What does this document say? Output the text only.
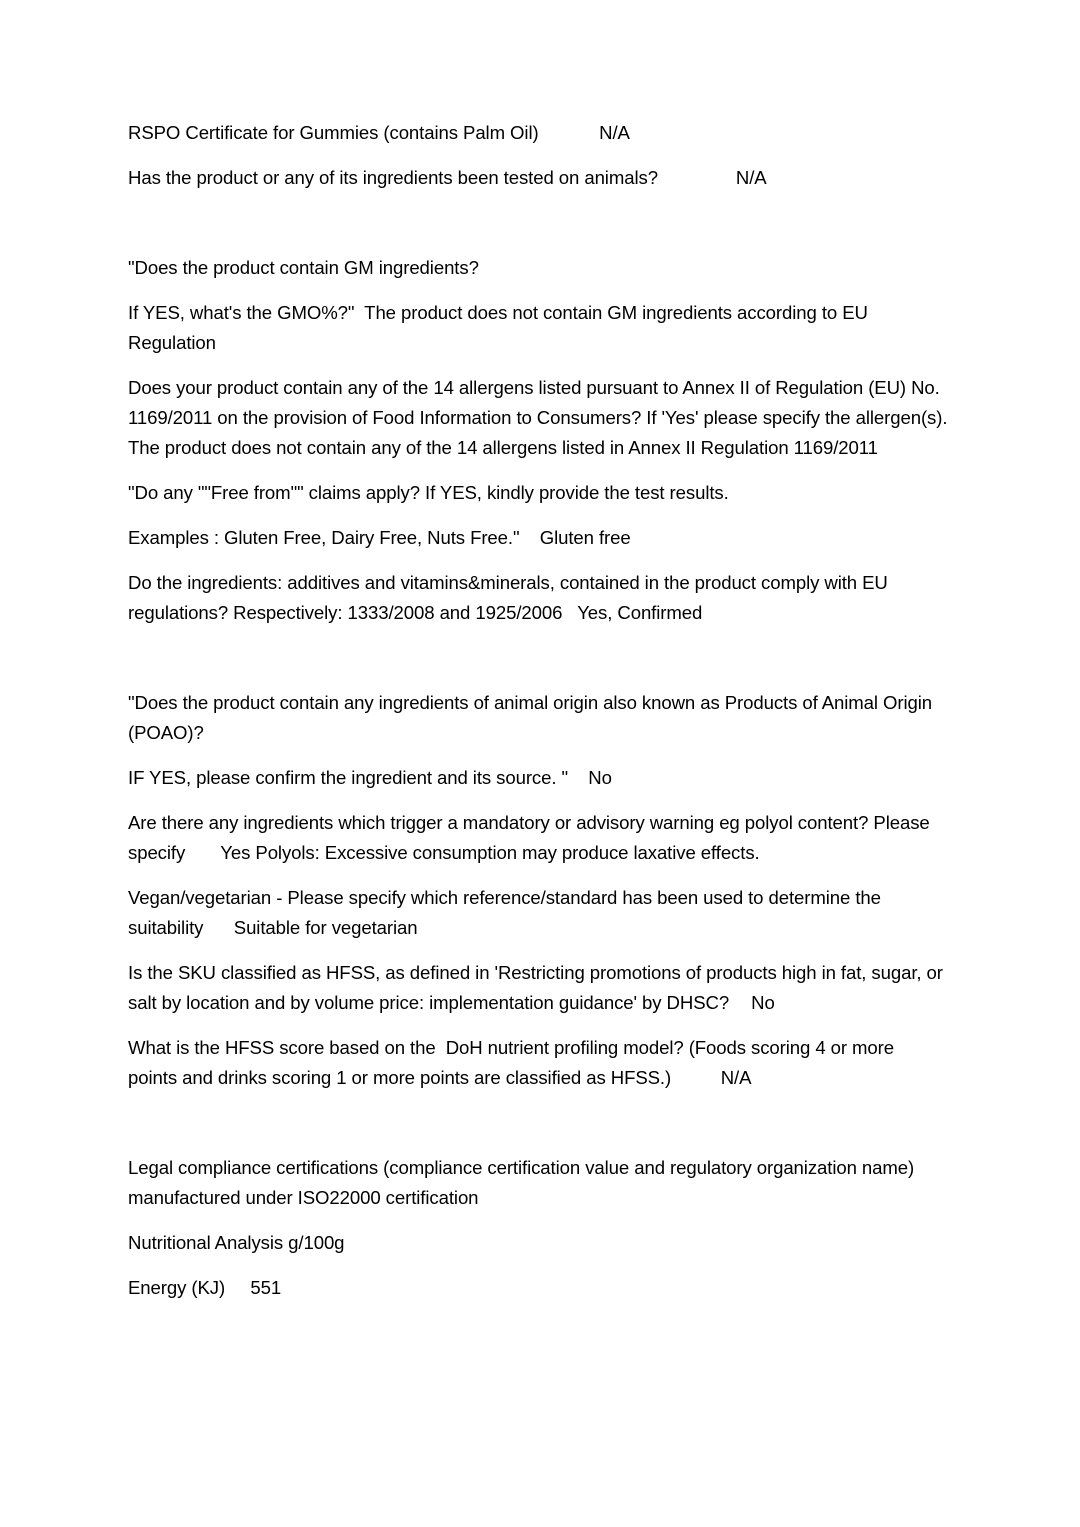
RSPO Certificate for Gummies (contains Palm Oil)	N/A

Has the product or any of its ingredients been tested on animals?	N/A

"Does the product contain GM ingredients?

If YES, what's the GMO%?"  The product does not contain GM ingredients according to EU Regulation

Does your product contain any of the 14 allergens listed pursuant to Annex II of Regulation (EU) No. 1169/2011 on the provision of Food Information to Consumers? If 'Yes' please specify the allergen(s). The product does not contain any of the 14 allergens listed in Annex II Regulation 1169/2011

"Do any ""Free from"" claims apply? If YES, kindly provide the test results.

Examples : Gluten Free, Dairy Free, Nuts Free."    Gluten free

Do the ingredients: additives and vitamins&minerals, contained in the product comply with EU regulations? Respectively: 1333/2008 and 1925/2006   Yes, Confirmed

"Does the product contain any ingredients of animal origin also known as Products of Animal Origin (POAO)?

IF YES, please confirm the ingredient and its source. "    No

Are there any ingredients which trigger a mandatory or advisory warning eg polyol content? Please specify       Yes Polyols: Excessive consumption may produce laxative effects.

Vegan/vegetarian - Please specify which reference/standard has been used to determine the suitability      Suitable for vegetarian

Is the SKU classified as HFSS, as defined in 'Restricting promotions of products high in fat, sugar, or salt by location and by volume price: implementation guidance' by DHSC?	No

What is the HFSS score based on the  DoH nutrient profiling model? (Foods scoring 4 or more points and drinks scoring 1 or more points are classified as HFSS.)	N/A

Legal compliance certifications (compliance certification value and regulatory organization name)   manufactured under ISO22000 certification

Nutritional Analysis g/100g

Energy (KJ)     551
